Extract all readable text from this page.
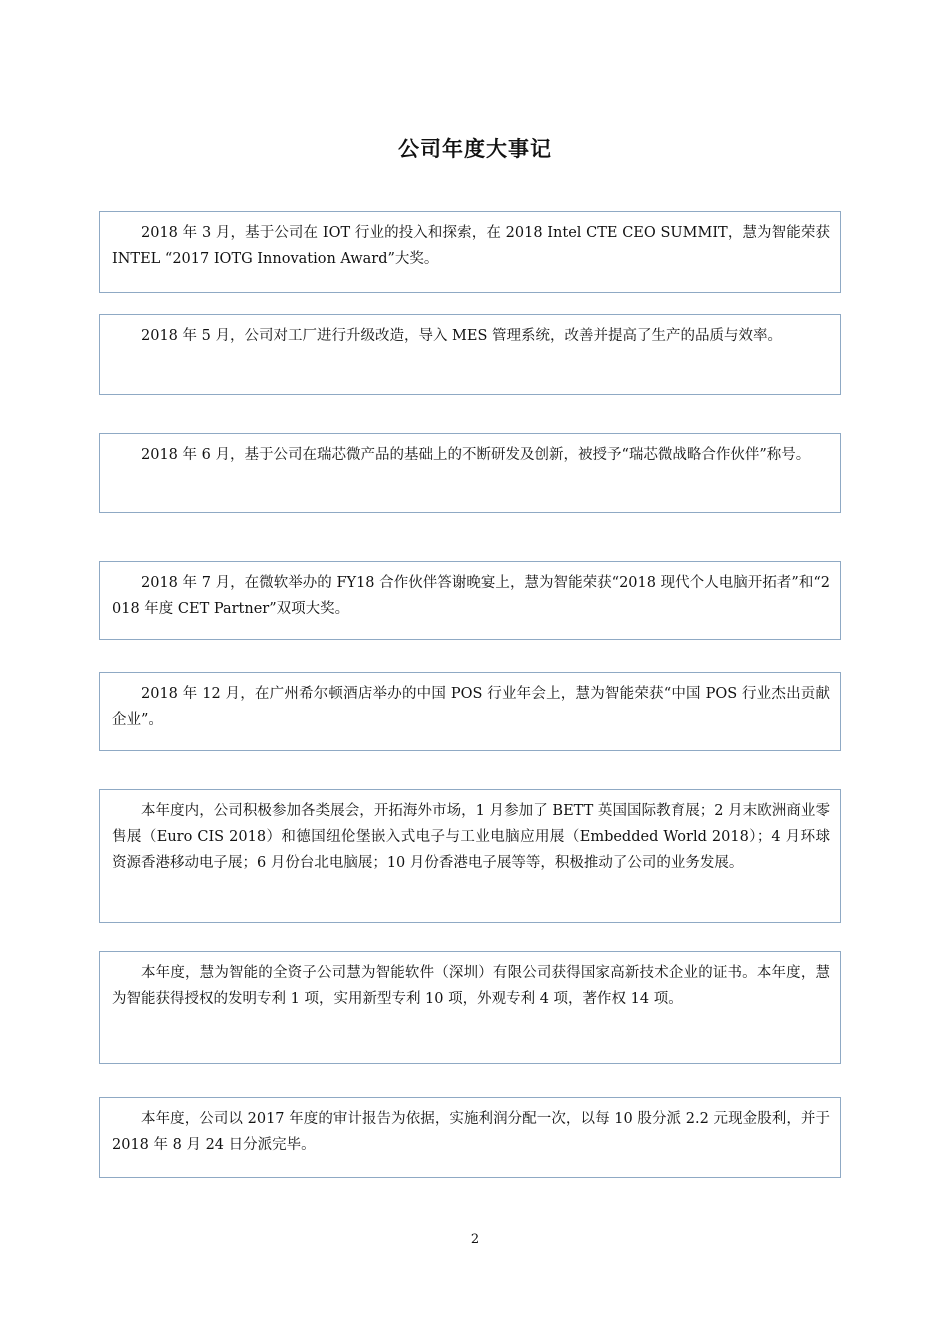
公司年度大事记

2018 年 3 月，基于公司在 IOT 行业的投入和探索，在 2018 Intel CTE CEO SUMMIT，慧为智能荣获 INTEL “2017 IOTG Innovation Award”大奖。

2018 年 5 月，公司对工厂进行升级改造，导入 MES 管理系统，改善并提高了生产的品质与效率。

2018 年 6 月，基于公司在瑞芯微产品的基础上的不断研发及创新，被授予“瑞芯微战略合作伙伴”称号。

2018 年 7 月，在微软举办的 FY18 合作伙伴答谢晚宴上，慧为智能荣获“2018 现代个人电脑开拓者”和“2018 年度 CET Partner”双项大奖。

2018 年 12 月，在广州希尔顿酒店举办的中国 POS 行业年会上，慧为智能荣获“中国 POS 行业杰出贡献企业”。

本年度内，公司积极参加各类展会，开拓海外市场，1 月参加了 BETT 英国国际教育展；2 月末欧洲商业零售展（Euro CIS 2018）和德国纽伦堡嵌入式电子与工业电脑应用展（Embedded World 2018）；4 月环球资源香港移动电子展；6 月份台北电脑展；10 月份香港电子展等等，积极推动了公司的业务发展。

本年度，慧为智能的全资子公司慧为智能软件（深圳）有限公司获得国家高新技术企业的证书。本年度，慧为智能获得授权的发明专利 1 项，实用新型专利 10 项，外观专利 4 项，著作权 14 项。

本年度，公司以 2017 年度的审计报告为依据，实施利润分配一次，以每 10 股分派 2.2 元现金股利，并于 2018 年 8 月 24 日分派完毕。

2
